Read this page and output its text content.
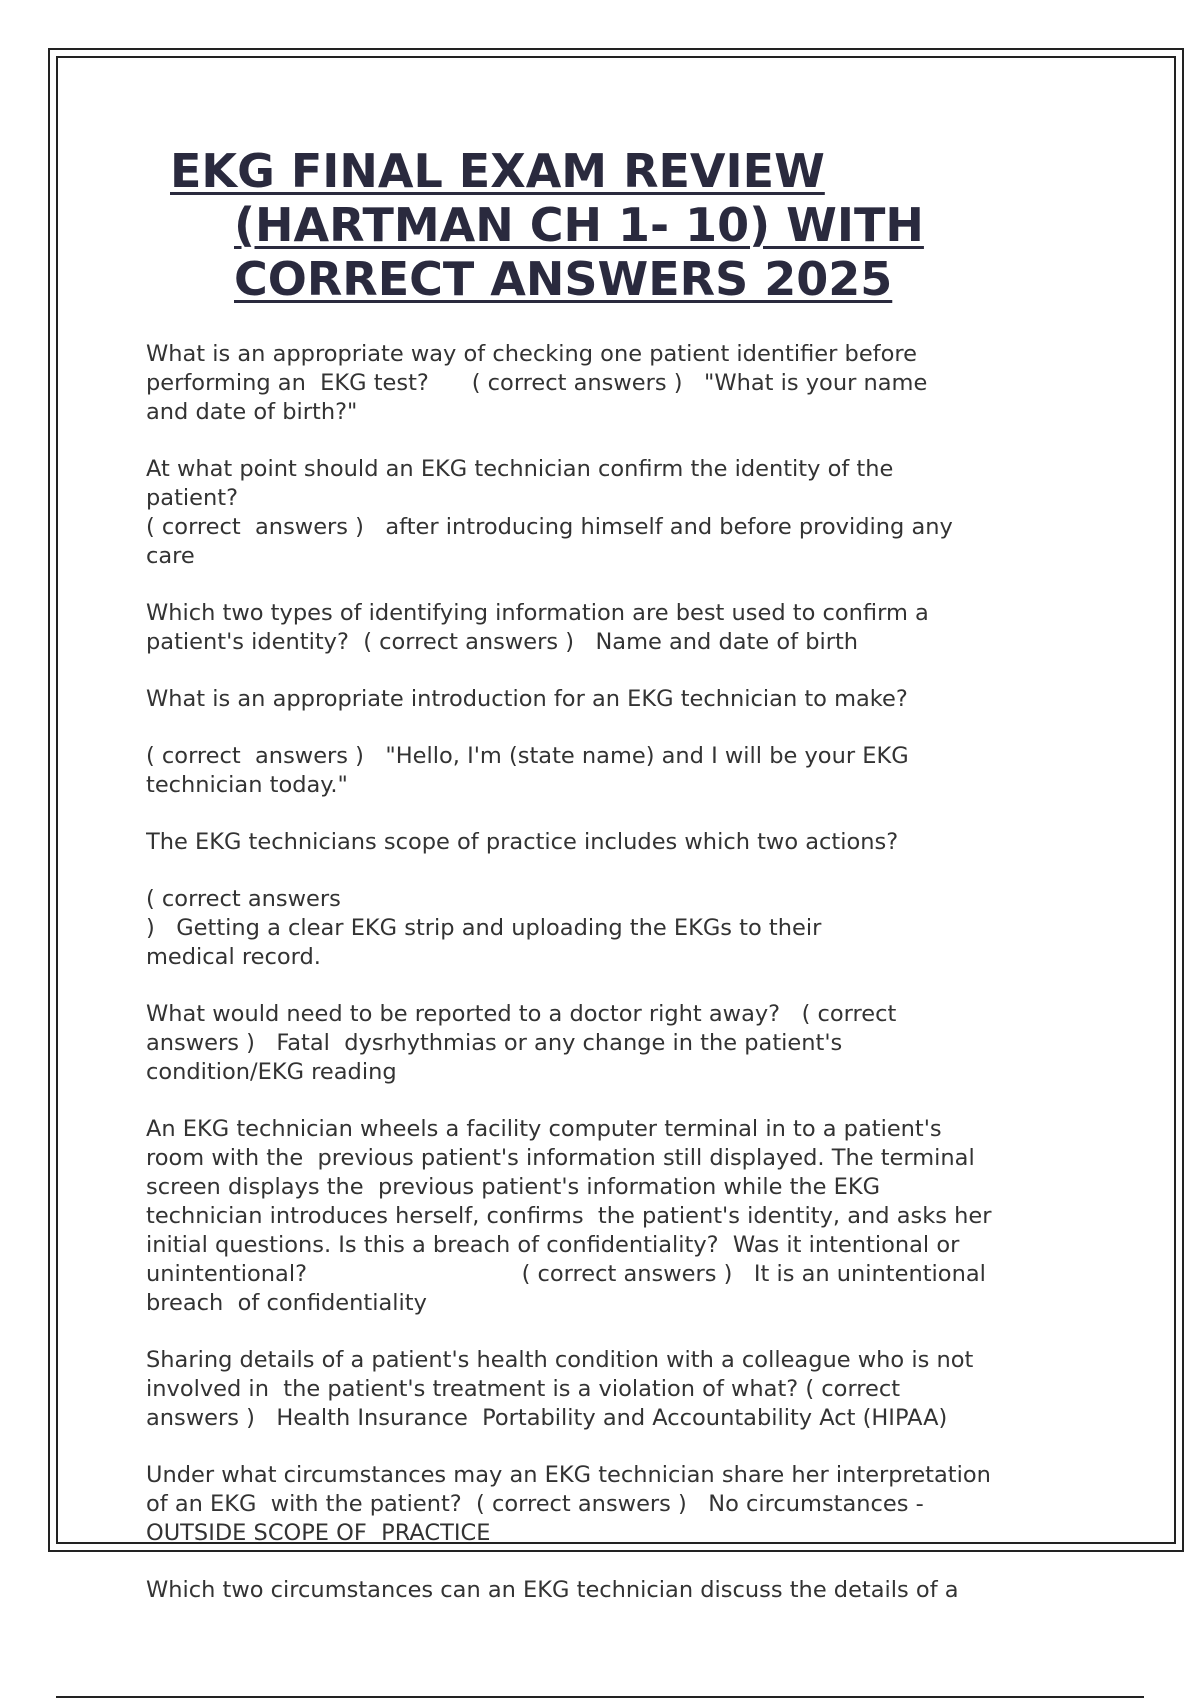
EKG FINAL EXAM REVIEW
(HARTMAN CH 1- 10) WITH
CORRECT ANSWERS 2025

What is an appropriate way of checking one patient identifier before
performing an  EKG test?      ( correct answers )   "What is your name
and date of birth?"

At what point should an EKG technician confirm the identity of the
patient?
( correct  answers )   after introducing himself and before providing any
care

Which two types of identifying information are best used to confirm a
patient's identity?  ( correct answers )   Name and date of birth

What is an appropriate introduction for an EKG technician to make?

( correct  answers )   "Hello, I'm (state name) and I will be your EKG
technician today."

The EKG technicians scope of practice includes which two actions?

( correct answers
)   Getting a clear EKG strip and uploading the EKGs to their
medical record.

What would need to be reported to a doctor right away?   ( correct
answers )   Fatal  dysrhythmias or any change in the patient's
condition/EKG reading

An EKG technician wheels a facility computer terminal in to a patient's
room with the  previous patient's information still displayed. The terminal
screen displays the  previous patient's information while the EKG
technician introduces herself, confirms  the patient's identity, and asks her
initial questions. Is this a breach of confidentiality?  Was it intentional or
unintentional?                              ( correct answers )   It is an unintentional
breach  of confidentiality

Sharing details of a patient's health condition with a colleague who is not
involved in  the patient's treatment is a violation of what? ( correct
answers )   Health Insurance  Portability and Accountability Act (HIPAA)

Under what circumstances may an EKG technician share her interpretation
of an EKG  with the patient?  ( correct answers )   No circumstances -
OUTSIDE SCOPE OF  PRACTICE

Which two circumstances can an EKG technician discuss the details of a
